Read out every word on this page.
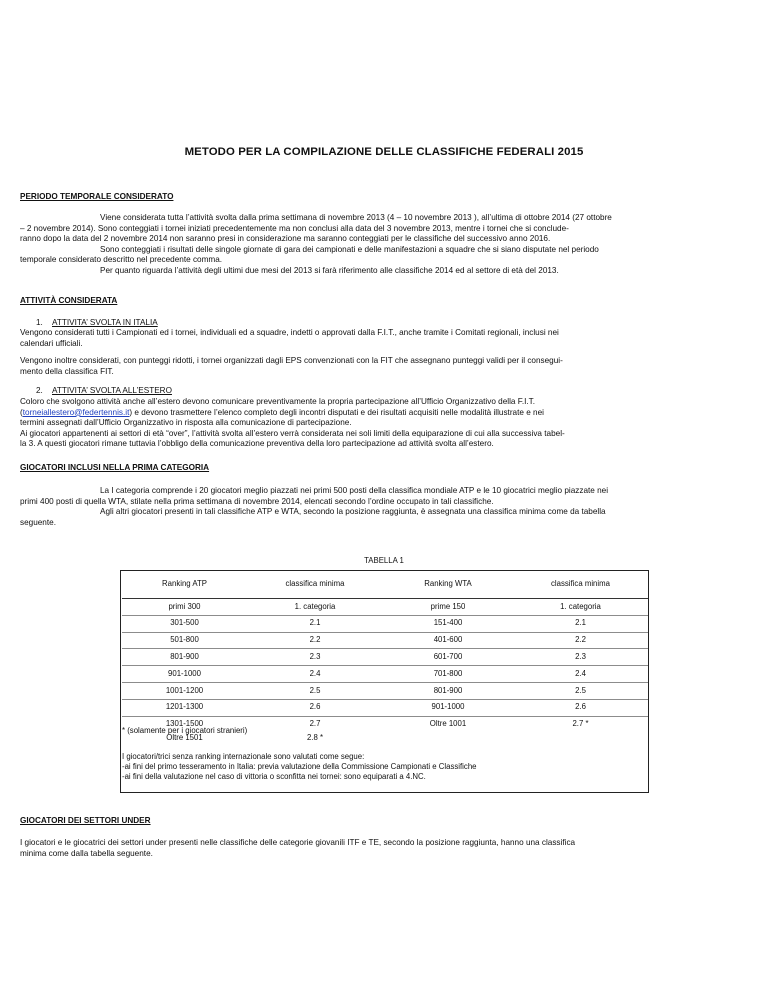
METODO PER LA COMPILAZIONE DELLE CLASSIFICHE FEDERALI 2015
PERIODO TEMPORALE CONSIDERATO
Viene considerata tutta l’attività svolta dalla prima settimana di novembre 2013 (4 – 10 novembre 2013 ), all’ultima di ottobre 2014 (27 ottobre
– 2 novembre 2014). Sono conteggiati i tornei iniziati precedentemente ma non conclusi alla data del 3 novembre 2013, mentre i tornei che si conclude-
ranno dopo la data del 2 novembre 2014 non saranno presi in considerazione ma saranno conteggiati per le classifiche del successivo anno 2016.
Sono conteggiati i risultati delle singole giornate di gara dei campionati e delle manifestazioni a squadre che si siano disputate nel periodo
temporale considerato descritto nel precedente comma.
Per quanto riguarda l’attività degli ultimi due mesi del 2013 si farà riferimento alle classifiche 2014 ed al settore di età del 2013.
ATTIVITÀ CONSIDERATA
1. ATTIVITA’ SVOLTA IN ITALIA
Vengono considerati tutti i Campionati ed i tornei, individuali ed a squadre, indetti o approvati dalla F.I.T., anche tramite i Comitati regionali, inclusi nei
calendari ufficiali.
Vengono inoltre considerati, con punteggi ridotti, i tornei organizzati dagli EPS convenzionati con la FIT che assegnano punteggi validi per il consegui-
mento della classifica FIT.
2. ATTIVITA’ SVOLTA ALL’ESTERO
Coloro che svolgono attività anche all’estero devono comunicare preventivamente la propria partecipazione all’Ufficio Organizzativo della F.I.T.
(torneiallestero@federtennis.it) e devono trasmettere l’elenco completo degli incontri disputati e dei risultati acquisiti nelle modalità illustrate e nei
termini assegnati dall’Ufficio Organizzativo in risposta alla comunicazione di partecipazione.
Ai giocatori appartenenti ai settori di età “over”, l’attività svolta all’estero verrà considerata nei soli limiti della equiparazione di cui alla successiva tabel-
la 3. A questi giocatori rimane tuttavia l’obbligo della comunicazione preventiva della loro partecipazione ad attività svolta all’estero.
GIOCATORI INCLUSI NELLA PRIMA CATEGORIA
La I categoria comprende i 20 giocatori meglio piazzati nei primi 500 posti della classifica mondiale ATP e le 10 giocatrici meglio piazzate nei
primi 400 posti di quella WTA, stilate nella prima settimana di novembre 2014, elencati secondo l’ordine occupato in tali classifiche.
Agli altri giocatori presenti in tali classifiche ATP e WTA, secondo la posizione raggiunta, è assegnata una classifica minima come da tabella
seguente.
TABELLA 1
Ranking ATP	classifica minima	Ranking WTA	classifica minima
primi 300	1. categoria	prime 150	1. categoria
301-500	2.1	151-400	2.1
501-800	2.2	401-600	2.2
801-900	2.3	601-700	2.3
901-1000	2.4	701-800	2.4
1001-1200	2.5	801-900	2.5
1201-1300	2.6	901-1000	2.6
1301-1500	2.7	Oltre 1001	2.7 *
Oltre 1501	2.8 *		
* (solamente per i giocatori stranieri)
I giocatori/trici senza ranking internazionale sono valutati come segue:
-ai fini del primo tesseramento in Italia: previa valutazione della Commissione Campionati e Classifiche
-ai fini della valutazione nel caso di vittoria o sconfitta nei tornei: sono equiparati a 4.NC.
GIOCATORI DEI SETTORI UNDER
I giocatori e le giocatrici dei settori under presenti nelle classifiche delle categorie giovanili ITF e TE, secondo la posizione raggiunta, hanno una classifica
minima come dalla tabella seguente.
